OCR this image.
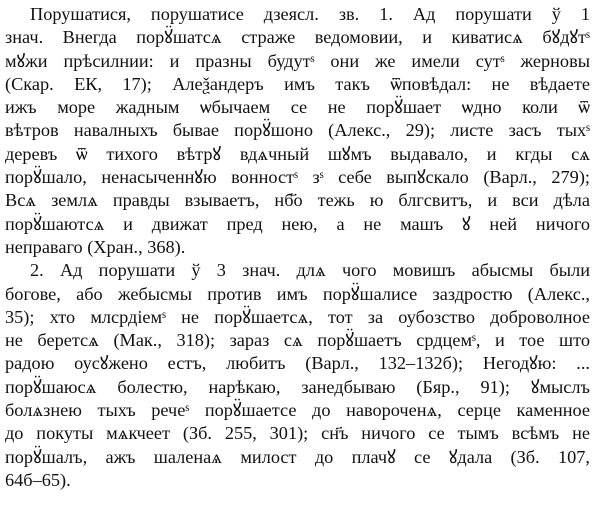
Порушатися, порушатисе дзеясл. зв. 1. Ад порушати ў 1
знач. Внегда порꙋ̈шатсѧ страже ведомовии, и киватисѧ бꙋдꙋтˢ
мꙋжи прѣсилнии: и празны будутˢ они же имели сутˢ жерновы
(Скар. ЕК, 17); Алеѯандеръ имъ такъ ѿповѣдал: не вѣдаете
ижъ море жадным ѡбычаем се не порꙋ̈шает ѡдно коли ѿ
вѣтров навалныхъ бывае порꙋ̈шоно (Алекс., 29); листе засъ тыхˢ
деревъ ѿ тихого вѣтрꙋ вдѧчный шꙋмъ выдавало, и кгды сѧ
порꙋ̈шало, ненасыченнꙋю вонностˢ зˢ себе выпꙋскало (Варл., 279);
Всѧ землѧ правды взываетъ, нб҃о тежь ю блгсвитъ, и вси дѣла
порꙋ̈шаютсѧ и движат пред нею, а не машъ ꙋ ней ничого
неправаго (Хран., 368).
2. Ад порушати ў 3 знач. длѧ чого мовишъ абысмы были
богове, або жебысмы против имъ порꙋ̈шалисе заздростю (Алекс.,
35); хто млсрдіемˢ не порꙋ̈шаетсѧ, тот за оубозство доброволное
не беретсѧ (Мак., 318); зараз сѧ порꙋ̈шаетъ срдцемˢ, и тое што
радою оусꙋжено естъ, любитъ (Варл., 132–132б); Негодꙋю: ...
порꙋ̈шаюсѧ болестю, нарѣкаю, занедбываю (Бяр., 91); ꙋмыслъ
болѧзнею тыхъ речеˢ порꙋ̈шаетсе до навороченѧ, серце каменное
до покуты мѧкчеет (Зб. 255, 301); сн҃ъ ничого се тымъ всѣмъ не
порꙋ̈шалъ, ажъ шаленаѧ милост до плачꙋ се ꙋдала (Зб. 107,
64б–65).
